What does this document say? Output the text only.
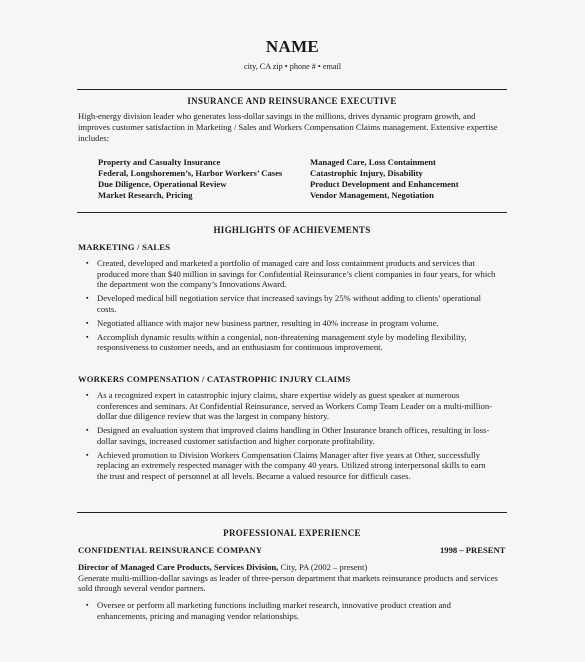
NAME
city, CA zip • phone # • email
INSURANCE AND REINSURANCE EXECUTIVE
High-energy division leader who generates loss-dollar savings in the millions, drives dynamic program growth, and improves customer satisfaction in Marketing / Sales and Workers Compensation Claims management. Extensive expertise includes:
Property and Casualty Insurance	Managed Care, Loss Containment
Federal, Longshoremen’s, Harbor Workers’ Cases	Catastrophic Injury, Disability
Due Diligence, Operational Review	Product Development and Enhancement
Market Research, Pricing	Vendor Management, Negotiation
HIGHLIGHTS OF ACHIEVEMENTS
MARKETING / SALES
▪ Created, developed and marketed a portfolio of managed care and loss containment products and services that produced more than $40 million in savings for Confidential Reinsurance’s client companies in four years, for which the department won the company’s Innovations Award.
▪ Developed medical bill negotiation service that increased savings by 25% without adding to clients’ operational costs.
▪ Negotiated alliance with major new business partner, resulting in 40% increase in program volume.
▪ Accomplish dynamic results within a congenial, non-threatening management style by modeling flexibility, responsiveness to customer needs, and an enthusiasm for continuous improvement.
WORKERS COMPENSATION / CATASTROPHIC INJURY CLAIMS
▪ As a recognized expert in catastrophic injury claims, share expertise widely as guest speaker at numerous conferences and seminars. At Confidential Reinsurance, served as Workers Comp Team Leader on a multi-million-dollar due diligence review that was the largest in company history.
▪ Designed an evaluation system that improved claims handling in Other Insurance branch offices, resulting in loss-dollar savings, increased customer satisfaction and higher corporate profitability.
▪ Achieved promotion to Division Workers Compensation Claims Manager after five years at Other, successfully replacing an extremely respected manager with the company 40 years. Utilized strong interpersonal skills to earn the trust and respect of personnel at all levels. Became a valued resource for difficult cases.
PROFESSIONAL EXPERIENCE
CONFIDENTIAL REINSURANCE COMPANY	1998 – PRESENT
Director of Managed Care Products, Services Division, City, PA (2002 – present)
Generate multi-million-dollar savings as leader of three-person department that markets reinsurance products and services sold through several vendor partners.
▪ Oversee or perform all marketing functions including market research, innovative product creation and enhancements, pricing and managing vendor relationships.
